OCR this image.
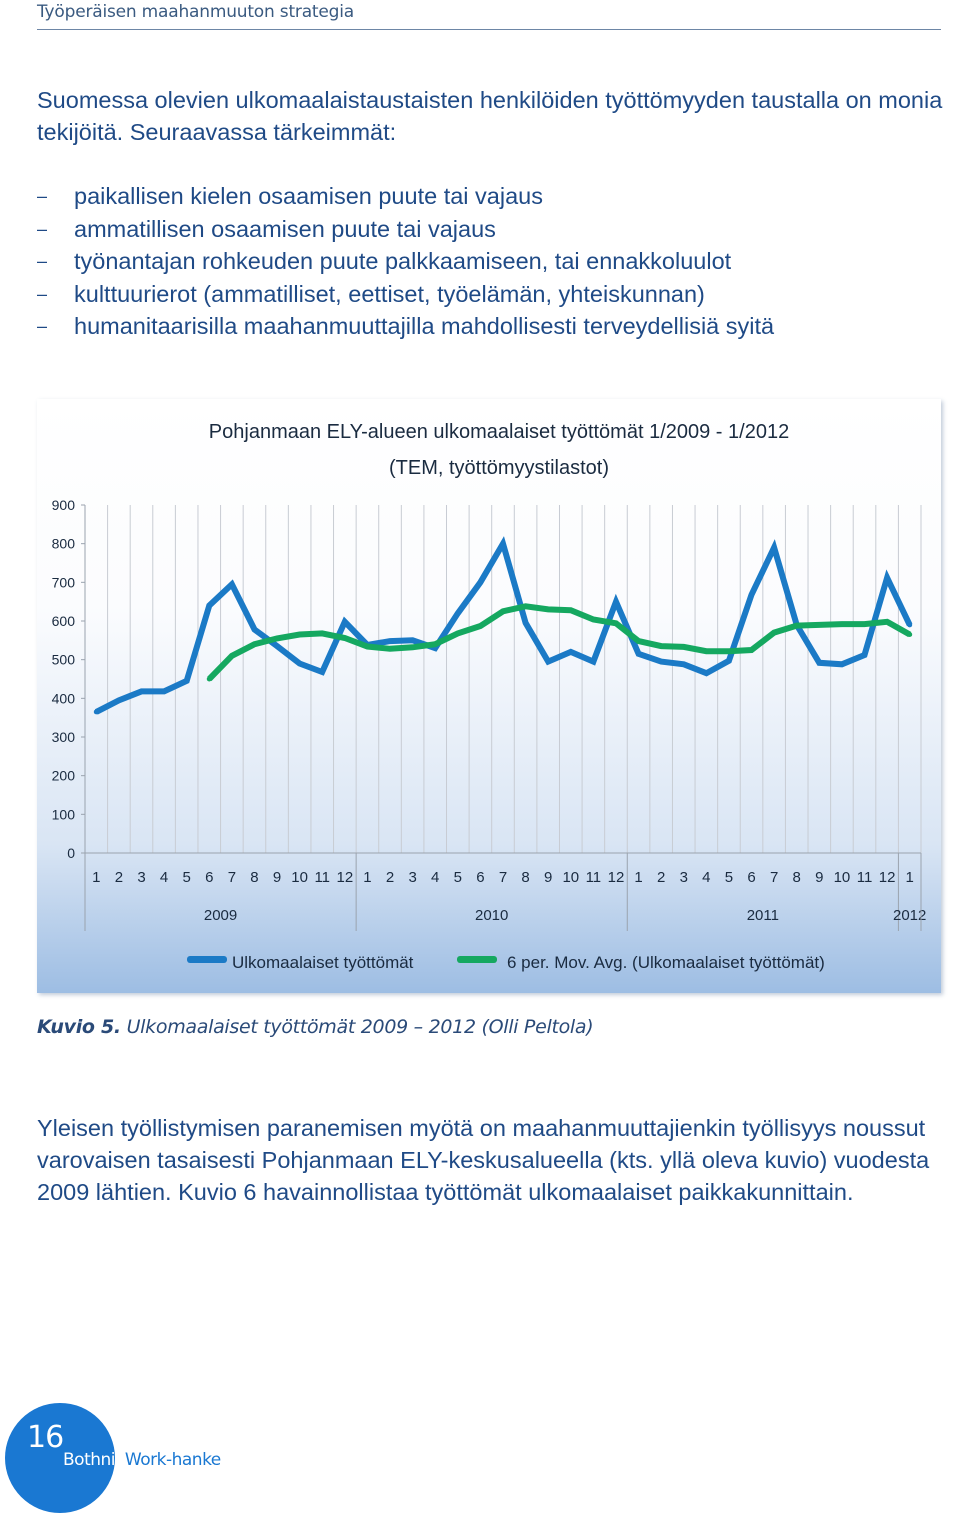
Työperäisen maahanmuuton strategia

Suomessa olevien ulkomaalaistaustaisten henkilöiden työttömyyden taustalla on monia tekijöitä. Seuraavassa tärkeimmät:

–	paikallisen kielen osaamisen puute tai vajaus
–	ammatillisen osaamisen puute tai vajaus
–	työnantajan rohkeuden puute palkkaamiseen, tai ennakkoluulot
–	kulttuurierot (ammatilliset, eettiset, työelämän, yhteiskunnan)
–	humanitaarisilla maahanmuuttajilla mahdollisesti terveydellisiä syitä
Pohjanmaan ELY-alueen ulkomaalaiset työttömät 1/2009 - 1/2012
(TEM, työttömyystilastot)
0
100
200
300
400
500
600
700
800
900
1 2 3 4 5 6 7 8 9 10 11 12 1 2 3 4 5 6 7 8 9 10 11 12 1 2 3 4 5 6 7 8 9 10 11 12 1
2009	2010	2011	2012
Ulkomaalaiset työttömät	6 per. Mov. Avg. (Ulkomaalaiset työttömät)
Kuvio 5. Ulkomaalaiset työttömät 2009 – 2012 (Olli Peltola)

Yleisen työllistymisen paranemisen myötä on maahanmuuttajienkin työllisyys noussut varovaisen tasaisesti Pohjanmaan ELY-keskusalueella (kts. yllä oleva kuvio) vuodesta 2009 lähtien. Kuvio 6 havainnollistaa työttömät ulkomaalaiset paikkakunnittain.

16
BothniaWork-hanke
